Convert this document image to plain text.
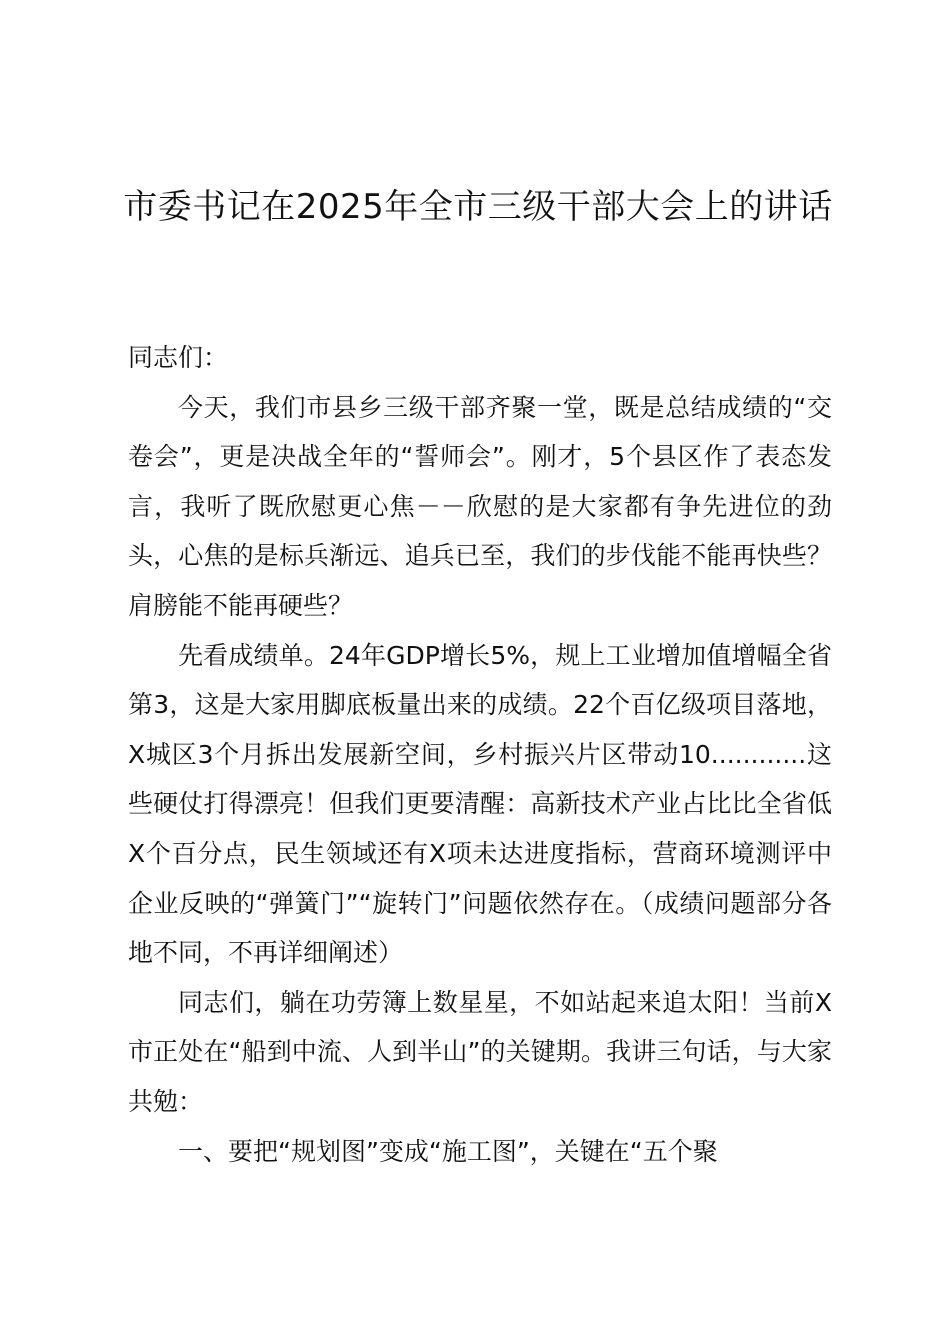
市委书记在2025年全市三级干部大会上的讲话

同志们：

今天，我们市县乡三级干部齐聚一堂，既是总结成绩的“交卷会”，更是决战全年的“誓师会”。刚才，5个县区作了表态发言，我听了既欣慰更心焦－－欣慰的是大家都有争先进位的劲头，心焦的是标兵渐远、追兵已至，我们的步伐能不能再快些？肩膀能不能再硬些？

先看成绩单。24年GDP增长5%，规上工业增加值增幅全省第3，这是大家用脚底板量出来的成绩。22个百亿级项目落地，X城区3个月拆出发展新空间，乡村振兴片区带动10............这些硬仗打得漂亮！但我们更要清醒：高新技术产业占比比全省低X个百分点，民生领域还有X项未达进度指标，营商环境测评中企业反映的“弹簧门”“旋转门”问题依然存在。（成绩问题部分各地不同，不再详细阐述）

同志们，躺在功劳簿上数星星，不如站起来追太阳！当前X市正处在“船到中流、人到半山”的关键期。我讲三句话，与大家共勉：

一、要把“规划图”变成“施工图”，关键在“五个聚
